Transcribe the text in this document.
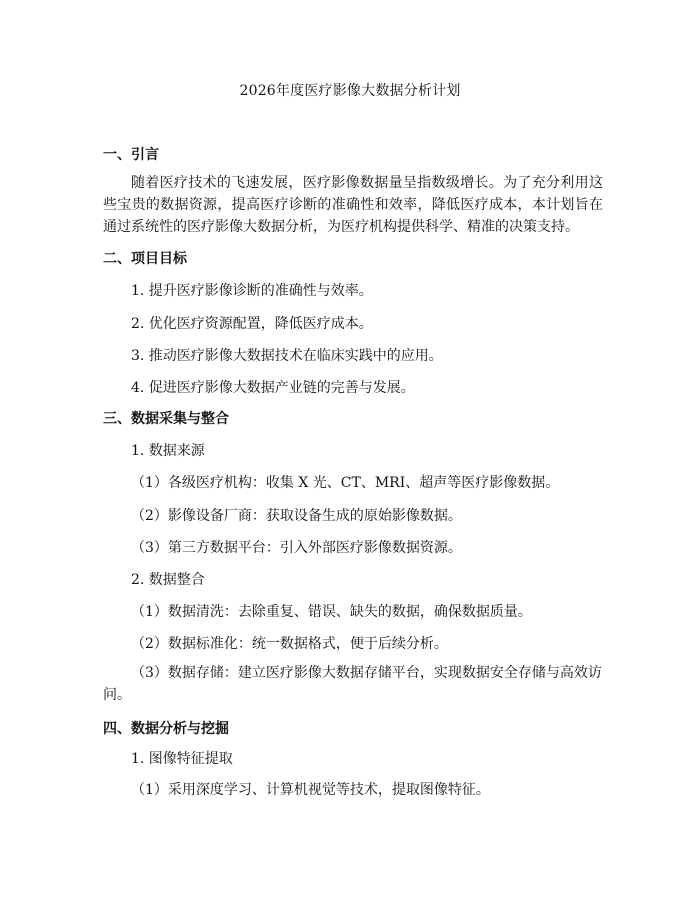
2026年度医疗影像大数据分析计划
一、引言
随着医疗技术的飞速发展，医疗影像数据量呈指数级增长。为了充分利用这些宝贵的数据资源，提高医疗诊断的准确性和效率，降低医疗成本，本计划旨在通过系统性的医疗影像大数据分析，为医疗机构提供科学、精准的决策支持。
二、项目目标
1. 提升医疗影像诊断的准确性与效率。
2. 优化医疗资源配置，降低医疗成本。
3. 推动医疗影像大数据技术在临床实践中的应用。
4. 促进医疗影像大数据产业链的完善与发展。
三、数据采集与整合
1. 数据来源
（1）各级医疗机构：收集 X 光、CT、MRI、超声等医疗影像数据。
（2）影像设备厂商：获取设备生成的原始影像数据。
（3）第三方数据平台：引入外部医疗影像数据资源。
2. 数据整合
（1）数据清洗：去除重复、错误、缺失的数据，确保数据质量。
（2）数据标准化：统一数据格式，便于后续分析。
（3）数据存储：建立医疗影像大数据存储平台，实现数据安全存储与高效访问。
四、数据分析与挖掘
1. 图像特征提取
（1）采用深度学习、计算机视觉等技术，提取图像特征。
